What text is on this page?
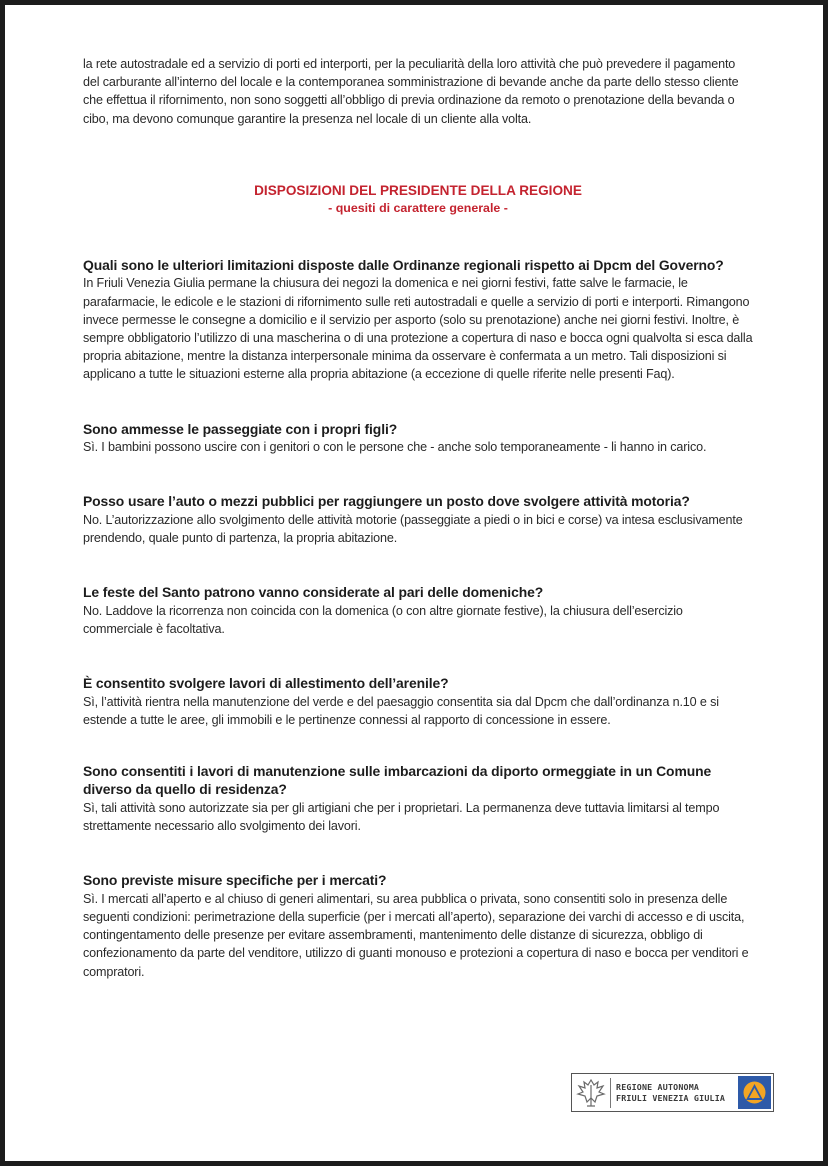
la rete autostradale ed a servizio di porti ed interporti, per la peculiarità della loro attività che può prevedere il pagamento del carburante all’interno del locale e la contemporanea somministrazione di bevande anche da parte dello stesso cliente che effettua il rifornimento, non sono soggetti all’obbligo di previa ordinazione da remoto o prenotazione della bevanda o cibo, ma devono comunque garantire la presenza nel locale di un cliente alla volta.

DISPOSIZIONI DEL PRESIDENTE DELLA REGIONE
- quesiti di carattere generale -

Quali sono le ulteriori limitazioni disposte dalle Ordinanze regionali rispetto ai Dpcm del Governo?

In Friuli Venezia Giulia permane la chiusura dei negozi la domenica e nei giorni festivi, fatte salve le farmacie, le parafarmacie, le edicole e le stazioni di rifornimento sulle reti autostradali e quelle a servizio di porti e interporti. Rimangono invece permesse le consegne a domicilio e il servizio per asporto (solo su prenotazione) anche nei giorni festivi. Inoltre, è sempre obbligatorio l’utilizzo di una mascherina o di una protezione a copertura di naso e bocca ogni qualvolta si esca dalla propria abitazione, mentre la distanza interpersonale minima da osservare è confermata a un metro. Tali disposizioni si applicano a tutte le situazioni esterne alla propria abitazione (a eccezione di quelle riferite nelle presenti Faq).

Sono ammesse le passeggiate con i propri figli?

Sì. I bambini possono uscire con i genitori o con le persone che - anche solo temporaneamente - li hanno in carico.

Posso usare l’auto o mezzi pubblici per raggiungere un posto dove svolgere attività motoria?

No. L’autorizzazione allo svolgimento delle attività motorie (passeggiate a piedi o in bici e corse) va intesa esclusivamente prendendo, quale punto di partenza, la propria abitazione.

Le feste del Santo patrono vanno considerate al pari delle domeniche?

No. Laddove la ricorrenza non coincida con la domenica (o con altre giornate festive), la chiusura dell’esercizio commerciale è facoltativa.

È consentito svolgere lavori di allestimento dell’arenile?

Sì, l’attività rientra nella manutenzione del verde e del paesaggio consentita sia dal Dpcm che dall’ordinanza n.10 e si estende a tutte le aree, gli immobili e le pertinenze connessi al rapporto di concessione in essere.

Sono consentiti i lavori di manutenzione sulle imbarcazioni da diporto ormeggiate in un Comune diverso da quello di residenza?

Sì, tali attività sono autorizzate sia per gli artigiani che per i proprietari. La permanenza deve tuttavia limitarsi al tempo strettamente necessario allo svolgimento dei lavori.

Sono previste misure specifiche per i mercati?

Sì. I mercati all’aperto e al chiuso di generi alimentari, su area pubblica o privata, sono consentiti solo in presenza delle seguenti condizioni: perimetrazione della superficie (per i mercati all’aperto), separazione dei varchi di accesso e di uscita, contingentamento delle presenze per evitare assembramenti, mantenimento delle distanze di sicurezza, obbligo di confezionamento da parte del venditore, utilizzo di guanti monouso e protezioni a copertura di naso e bocca per venditori e compratori.

REGIONE AUTONOMA
FRIULI VENEZIA GIULIA
